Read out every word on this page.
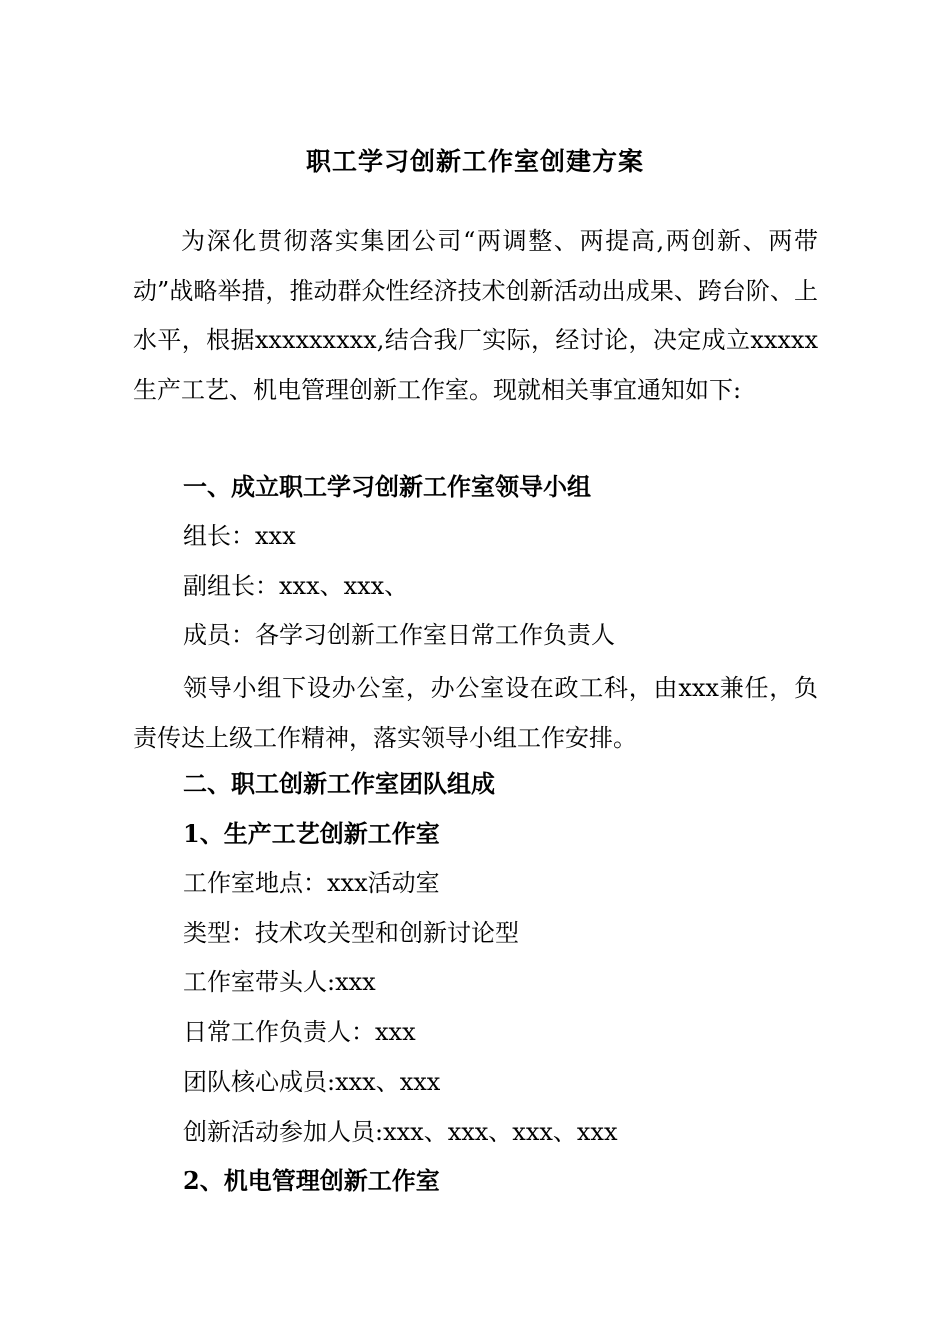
职工学习创新工作室创建方案

为深化贯彻落实集团公司“两调整、两提高,两创新、两带动”战略举措，推动群众性经济技术创新活动出成果、跨台阶、上水平，根据xxxxxxxxx,结合我厂实际，经讨论，决定成立xxxxx生产工艺、机电管理创新工作室。现就相关事宜通知如下:

一、成立职工学习创新工作室领导小组

组长：xxx

副组长：xxx、xxx、

成员：各学习创新工作室日常工作负责人

领导小组下设办公室，办公室设在政工科，由xxx兼任，负责传达上级工作精神，落实领导小组工作安排。

二、职工创新工作室团队组成

1、生产工艺创新工作室

工作室地点：xxx活动室

类型：技术攻关型和创新讨论型

工作室带头人:xxx

日常工作负责人：xxx

团队核心成员:xxx、xxx

创新活动参加人员:xxx、xxx、xxx、xxx

2、机电管理创新工作室
